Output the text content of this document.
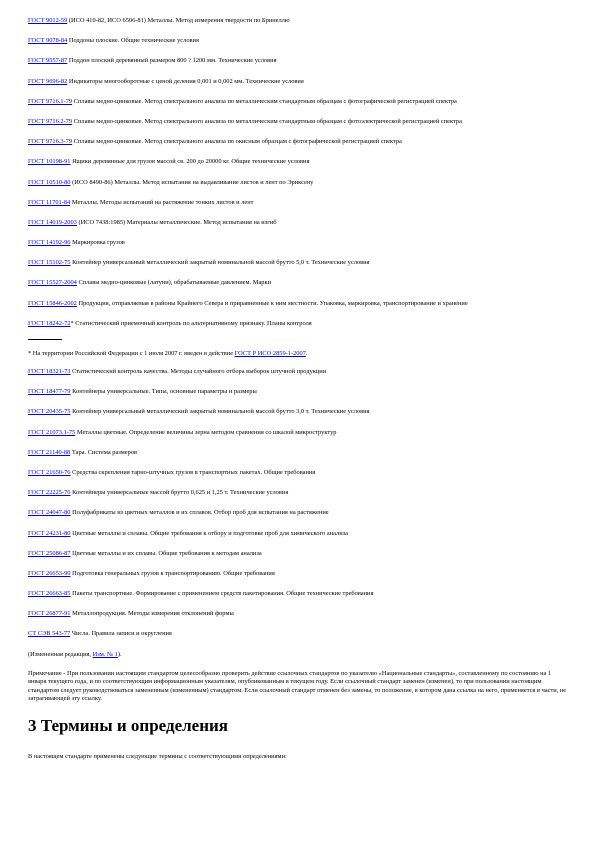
ГОСТ 9012-59 (ИСО 410-82, ИСО 6506-81) Металлы. Метод измерения твердости по Бринеллю
ГОСТ 9078-84 Поддоны плоские. Общие технические условия
ГОСТ 9557-87 Поддон плоский деревянный размером 800 ? 1200 мм. Технические условия
ГОСТ 9696-82 Индикаторы многооборотные с ценой деления 0,001 и 0,002 мм. Технические условия
ГОСТ 9716.1-79 Сплавы медно-цинковые. Метод спектрального анализа по металлическим стандартным образцам с фотографической регистрацией спектра
ГОСТ 9716.2-79 Сплавы медно-цинковые. Метод спектрального анализа по металлическим стандартным образцам с фотоэлектрической регистрацией спектра
ГОСТ 9716.3-79 Сплавы медно-цинковые. Метод спектрального анализа по окисным образцам с фотографической регистрацией спектра
ГОСТ 10198-91 Ящики деревянные для грузов массой св. 200 до 20000 кг. Общие технические условия
ГОСТ 10510-80 (ИСО 8490-86) Металлы. Метод испытания на выдавливание листов и лент по Эриксену
ГОСТ 11701-84 Металлы. Методы испытаний на растяжение тонких листов и лент
ГОСТ 14019-2003 (ИСО 7438:1985) Материалы металлические. Метод испытания на изгиб
ГОСТ 14192-96 Маркировка грузов
ГОСТ 15102-75 Контейнер универсальный металлический закрытый номинальной массой брутто 5,0 т. Технические условия
ГОСТ 15527-2004 Сплавы медно-цинковые (латуни), обрабатываемые давлением. Марки
ГОСТ 15846-2002 Продукция, отправляемая в районы Крайнего Севера и приравненные к ним местности. Упаковка, маркировка, транспортирование и хранение
ГОСТ 18242-72* Статистический приемочный контроль по альтернативному признаку. Планы контроля

* На территории Российской Федерации с 1 июля 2007 г. введен в действие ГОСТ Р ИСО 2859-1-2007.

ГОСТ 18321-73 Статистический контроль качества. Методы случайного отбора выборок штучной продукции
ГОСТ 18477-79 Контейнеры универсальные. Типы, основные параметры и размеры
ГОСТ 20435-75 Контейнер универсальный металлический закрытый номинальной массой брутто 3,0 т. Технические условия
ГОСТ 21073.1-75 Металлы цветные. Определение величины зерна методом сравнения со шкалой микроструктур
ГОСТ 21140-88 Тара. Система размеров
ГОСТ 21650-76 Средства скрепления тарно-штучных грузов в транспортных пакетах. Общие требования
ГОСТ 22225-76 Контейнеры универсальные массой брутто 0,625 и 1,25 т. Технические условия
ГОСТ 24047-80 Полуфабрикаты из цветных металлов и их сплавов. Отбор проб для испытания на растяжение
ГОСТ 24231-80 Цветные металлы и сплавы. Общие требования к отбору и подготовке проб для химического анализа
ГОСТ 25086-87 Цветные металлы и их сплавы. Общие требования к методам анализа
ГОСТ 26653-90 Подготовка генеральных грузов к транспортированию. Общие требования
ГОСТ 26663-85 Пакеты транспортные. Формирование с применением средств пакетирования. Общие технические требования
ГОСТ 26877-91 Металлопродукция. Методы измерения отклонений формы
СТ СЭВ 543-77 Числа. Правила записи и округления

(Измененная редакция, Изм. № 1).

Примечание - При пользовании настоящим стандартом целесообразно проверить действие ссылочных стандартов по указателю «Национальные стандарты», составленному по состоянию на 1 января текущего года, и по соответствующим информационным указателям, опубликованным в текущем году. Если ссылочный стандарт заменен (изменен), то при пользовании настоящим стандартом следует руководствоваться замененным (измененным) стандартом. Если ссылочный стандарт отменен без замены, то положение, в котором дана ссылка на него, применяется в части, не затрагивающей эту ссылку.

3 Термины и определения

В настоящем стандарте применены следующие термины с соответствующими определениями:
